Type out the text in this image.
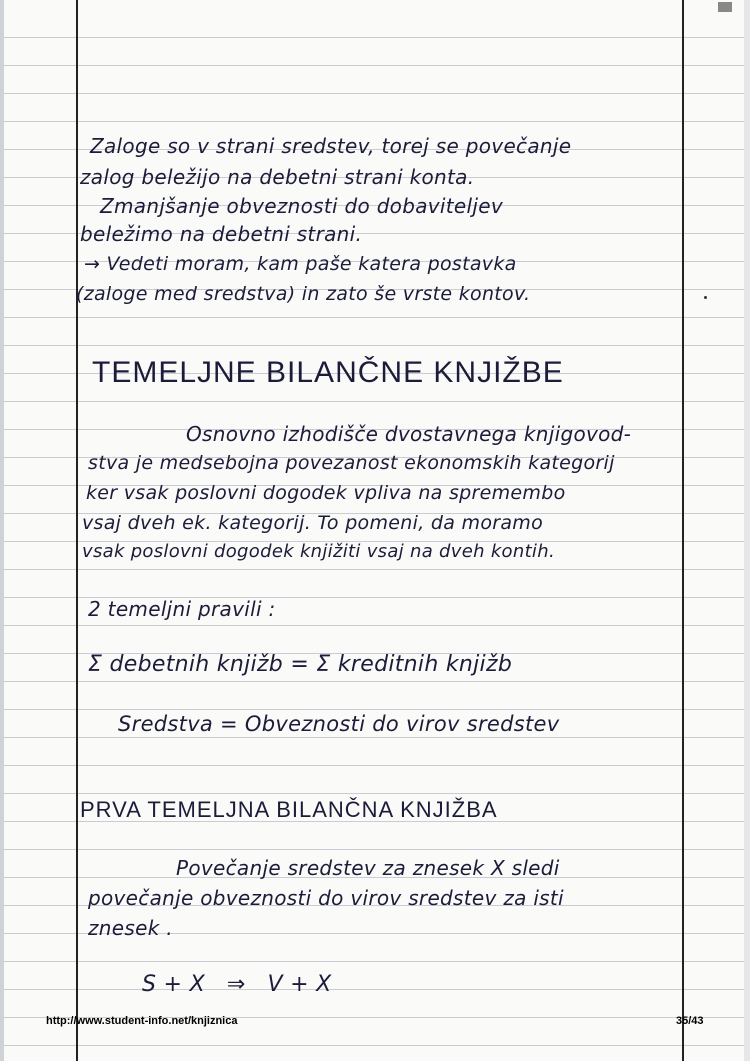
Zaloge so v strani sredstev, torej se povečanje
zalog beležijo na debetni strani konta.
Zmanjšanje obveznosti do dobaviteljev
beležimo na debetni strani.
→ Vedeti moram, kam paše katera postavka
(zaloge med sredstva) in zato še vrste kontov.
TEMELJNE BILANČNE KNJIŽBE
Osnovno izhodišče dvostavnega knjigovod-
stva je medsebojna povezanost ekonomskih kategorij
ker vsak poslovni dogodek vpliva na spremembo
vsaj dveh ek. kategorij. To pomeni, da moramo
vsak poslovni dogodek knjižiti vsaj na dveh kontih.
2 temeljni pravili :
Σ debetnih knjižb = Σ kreditnih knjižb
Sredstva = Obveznosti do virov sredstev
PRVA TEMELJNA BILANČNA KNJIŽBA
Povečanje sredstev za znesek X sledi
povečanje obveznosti do virov sredstev za isti
znesek .
S + X   ⇒   V + X
http://www.student-info.net/knjiznica	35/43
